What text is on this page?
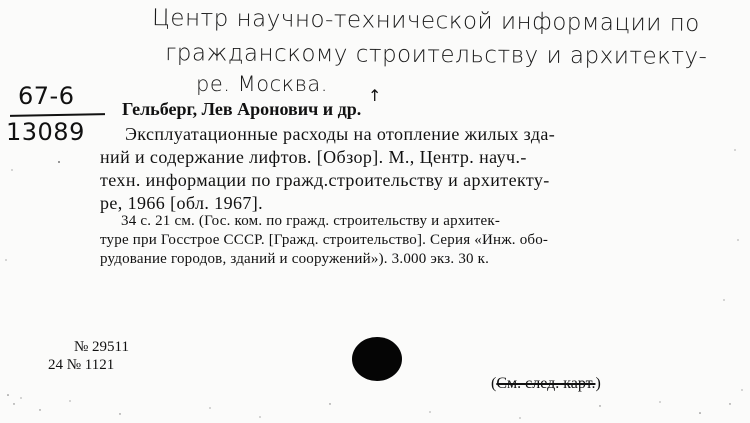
Центр научно-технической информации по
гражданскому строительству и архитекту-
ре. Москва.	↑
67-6
13089
Гельберг, Лев Аронович и др.
Эксплуатационные расходы на отопление жилых зда-
ний и содержание лифтов. [Обзор]. М., Центр. науч.-
техн. информации по гражд.строительству и архитекту-
ре, 1966 [обл. 1967].
34 с. 21 см. (Гос. ком. по гражд. строительству и архитек-
туре при Госстрое СССР. [Гражд. строительство]. Серия «Инж. обо-
рудование городов, зданий и сооружений»). 3.000 экз. 30 к.
№ 29511
24 № 1121
(См. след. карт.)
